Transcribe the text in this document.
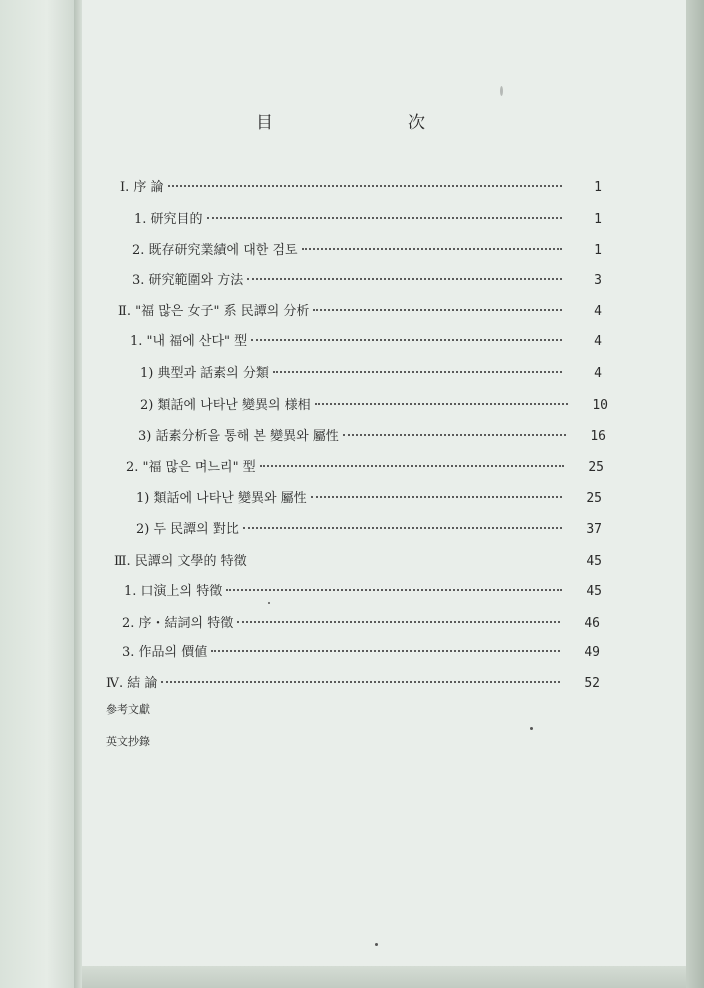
目	次
Ⅰ. 序 論	1
1. 研究目的	1
2. 既存研究業績에 대한 검토	1
3. 研究範圍와 方法	3
Ⅱ. "福 많은 女子" 系 民譚의 分析	4
1. "내 福에 산다" 型	4
1) 典型과 話素의 分類	4
2) 類話에 나타난 變異의 様相	10
3) 話素分析을 통해 본 變異와 屬性	16
2. "福 많은 며느리" 型	25
1) 類話에 나타난 變異와 屬性	25
2) 두 民譚의 對比	37
Ⅲ. 民譚의 文學的 特徵	45
1. 口演上의 特徵	45
2. 序・結詞의 特徵	46
3. 作品의 價値	49
Ⅳ. 結 論	52
參考文獻
英文抄錄
